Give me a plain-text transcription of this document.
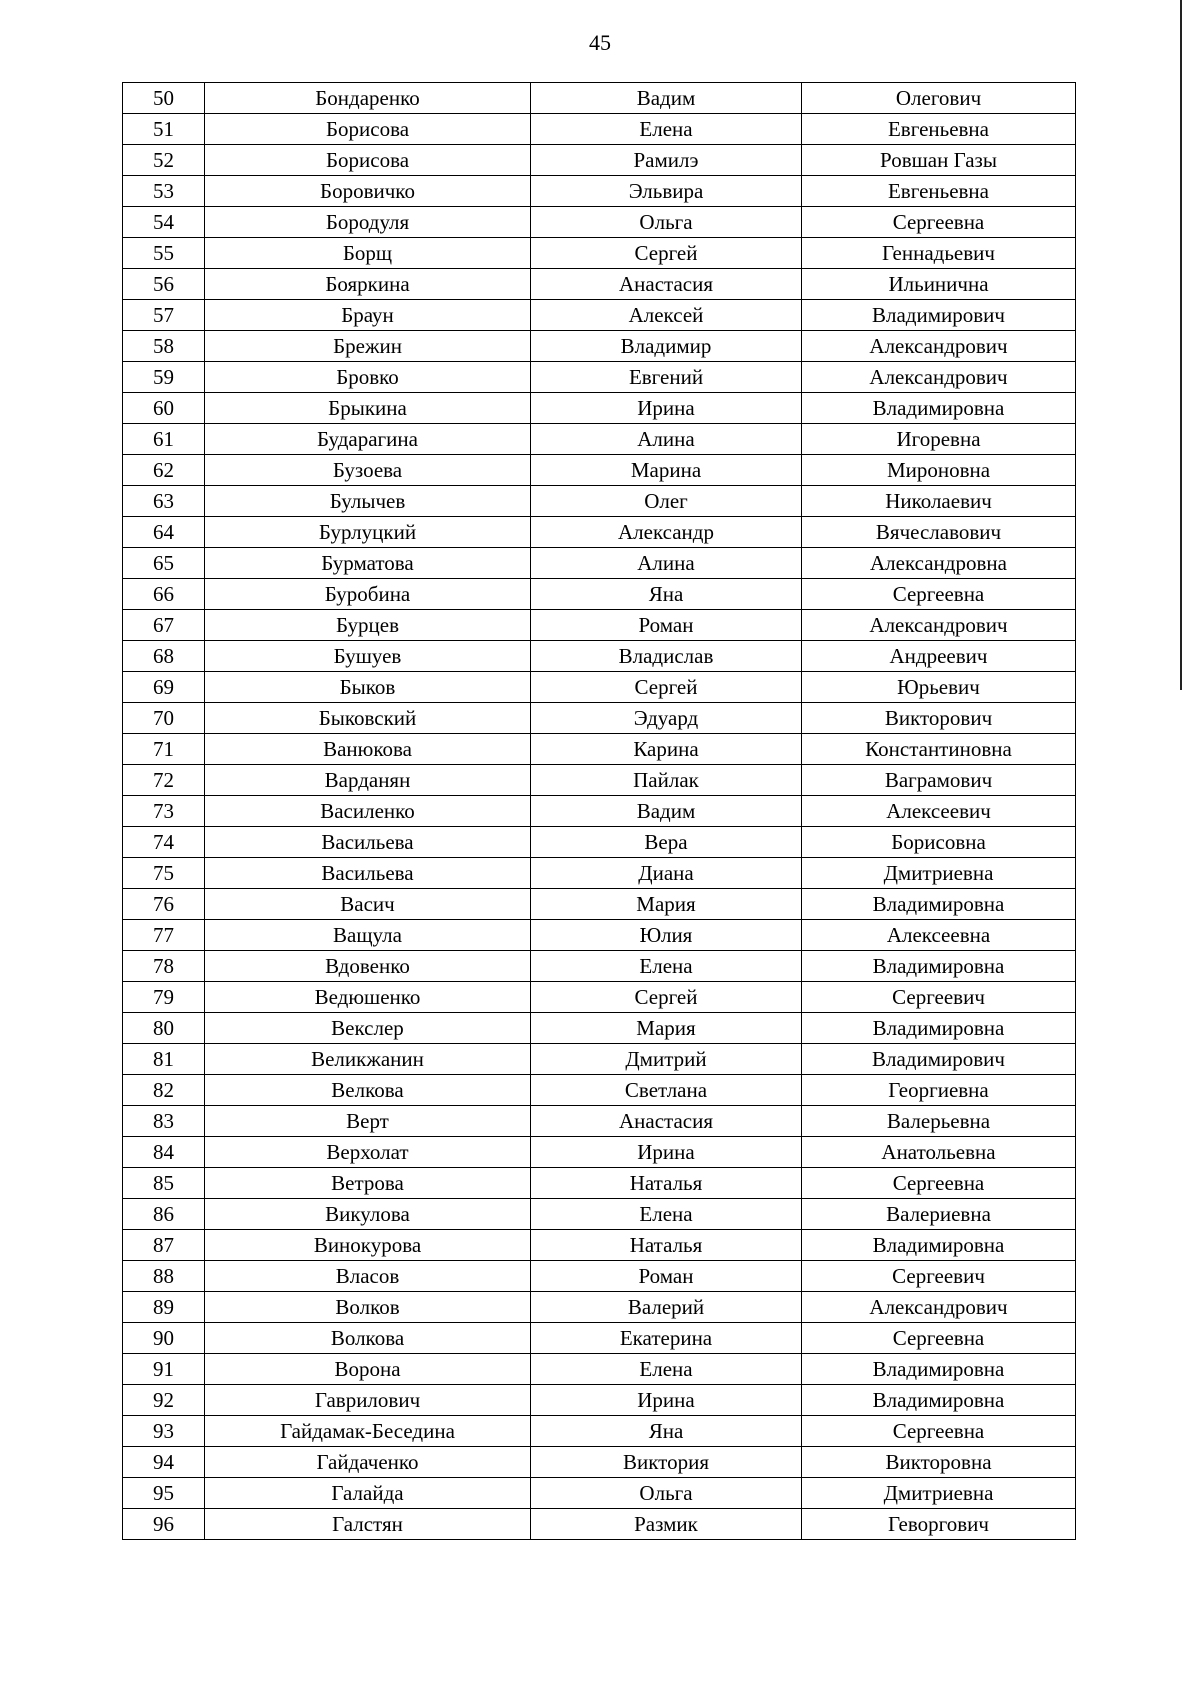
45
50	Бондаренко	Вадим	Олегович
51	Борисова	Елена	Евгеньевна
52	Борисова	Рамилэ	Ровшан Газы
53	Боровичко	Эльвира	Евгеньевна
54	Бородуля	Ольга	Сергеевна
55	Борщ	Сергей	Геннадьевич
56	Бояркина	Анастасия	Ильинична
57	Браун	Алексей	Владимирович
58	Брежин	Владимир	Александрович
59	Бровко	Евгений	Александрович
60	Брыкина	Ирина	Владимировна
61	Бударагина	Алина	Игоревна
62	Бузоева	Марина	Мироновна
63	Булычев	Олег	Николаевич
64	Бурлуцкий	Александр	Вячеславович
65	Бурматова	Алина	Александровна
66	Буробина	Яна	Сергеевна
67	Бурцев	Роман	Александрович
68	Бушуев	Владислав	Андреевич
69	Быков	Сергей	Юрьевич
70	Быковский	Эдуард	Викторович
71	Ванюкова	Карина	Константиновна
72	Варданян	Пайлак	Ваграмович
73	Василенко	Вадим	Алексеевич
74	Васильева	Вера	Борисовна
75	Васильева	Диана	Дмитриевна
76	Васич	Мария	Владимировна
77	Ващула	Юлия	Алексеевна
78	Вдовенко	Елена	Владимировна
79	Ведюшенко	Сергей	Сергеевич
80	Векслер	Мария	Владимировна
81	Великжанин	Дмитрий	Владимирович
82	Велкова	Светлана	Георгиевна
83	Верт	Анастасия	Валерьевна
84	Верхолат	Ирина	Анатольевна
85	Ветрова	Наталья	Сергеевна
86	Викулова	Елена	Валериевна
87	Винокурова	Наталья	Владимировна
88	Власов	Роман	Сергеевич
89	Волков	Валерий	Александрович
90	Волкова	Екатерина	Сергеевна
91	Ворона	Елена	Владимировна
92	Гаврилович	Ирина	Владимировна
93	Гайдамак-Беседина	Яна	Сергеевна
94	Гайдаченко	Виктория	Викторовна
95	Галайда	Ольга	Дмитриевна
96	Галстян	Размик	Геворгович
